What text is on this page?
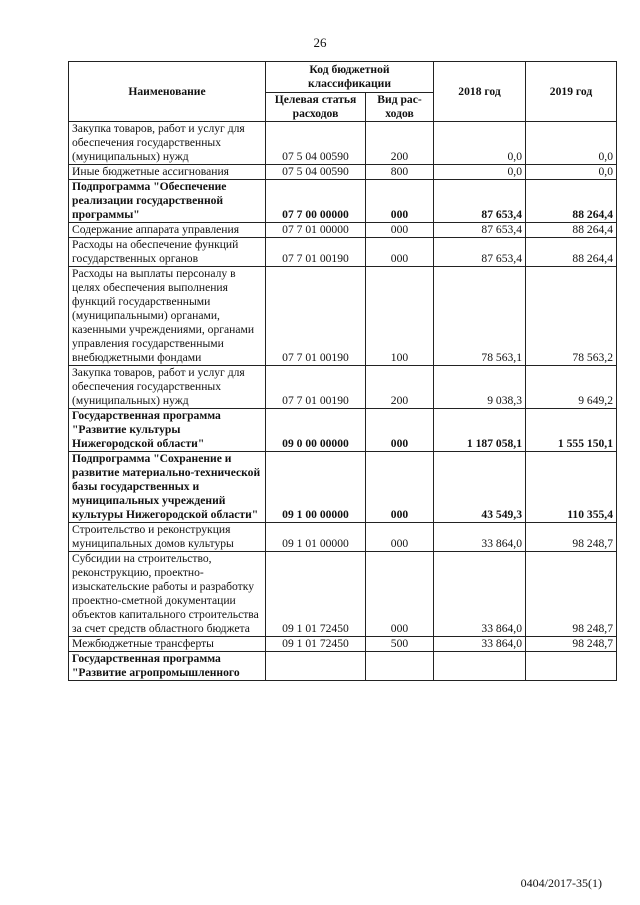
26
Наименование	Код бюджетной классификации		2018 год	2019 год
	Целевая статья расходов	Вид рас-ходов		
Закупка товаров, работ и услуг для обеспечения государственных (муниципальных) нужд	07 5 04 00590	200	0,0	0,0
Иные бюджетные ассигнования	07 5 04 00590	800	0,0	0,0
Подпрограмма "Обеспечение реализации государственной программы"	07 7 00 00000	000	87 653,4	88 264,4
Содержание аппарата управления	07 7 01 00000	000	87 653,4	88 264,4
Расходы на обеспечение функций государственных органов	07 7 01 00190	000	87 653,4	88 264,4
Расходы на выплаты персоналу в целях обеспечения выполнения функций государственными (муниципальными) органами, казенными учреждениями, органами управления государственными внебюджетными фондами	07 7 01 00190	100	78 563,1	78 563,2
Закупка товаров, работ и услуг для обеспечения государственных (муниципальных) нужд	07 7 01 00190	200	9 038,3	9 649,2
Государственная программа "Развитие культуры Нижегородской области"	09 0 00 00000	000	1 187 058,1	1 555 150,1
Подпрограмма "Сохранение и развитие материально-технической базы государственных и муниципальных учреждений культуры Нижегородской области"	09 1 00 00000	000	43 549,3	110 355,4
Строительство и реконструкция муниципальных домов культуры	09 1 01 00000	000	33 864,0	98 248,7
Субсидии на строительство, реконструкцию, проектно-изыскательские работы и разработку проектно-сметной документации объектов капитального строительства за счет средств областного бюджета	09 1 01 72450	000	33 864,0	98 248,7
Межбюджетные трансферты	09 1 01 72450	500	33 864,0	98 248,7
Государственная программа "Развитие агропромышленного				
0404/2017-35(1)
